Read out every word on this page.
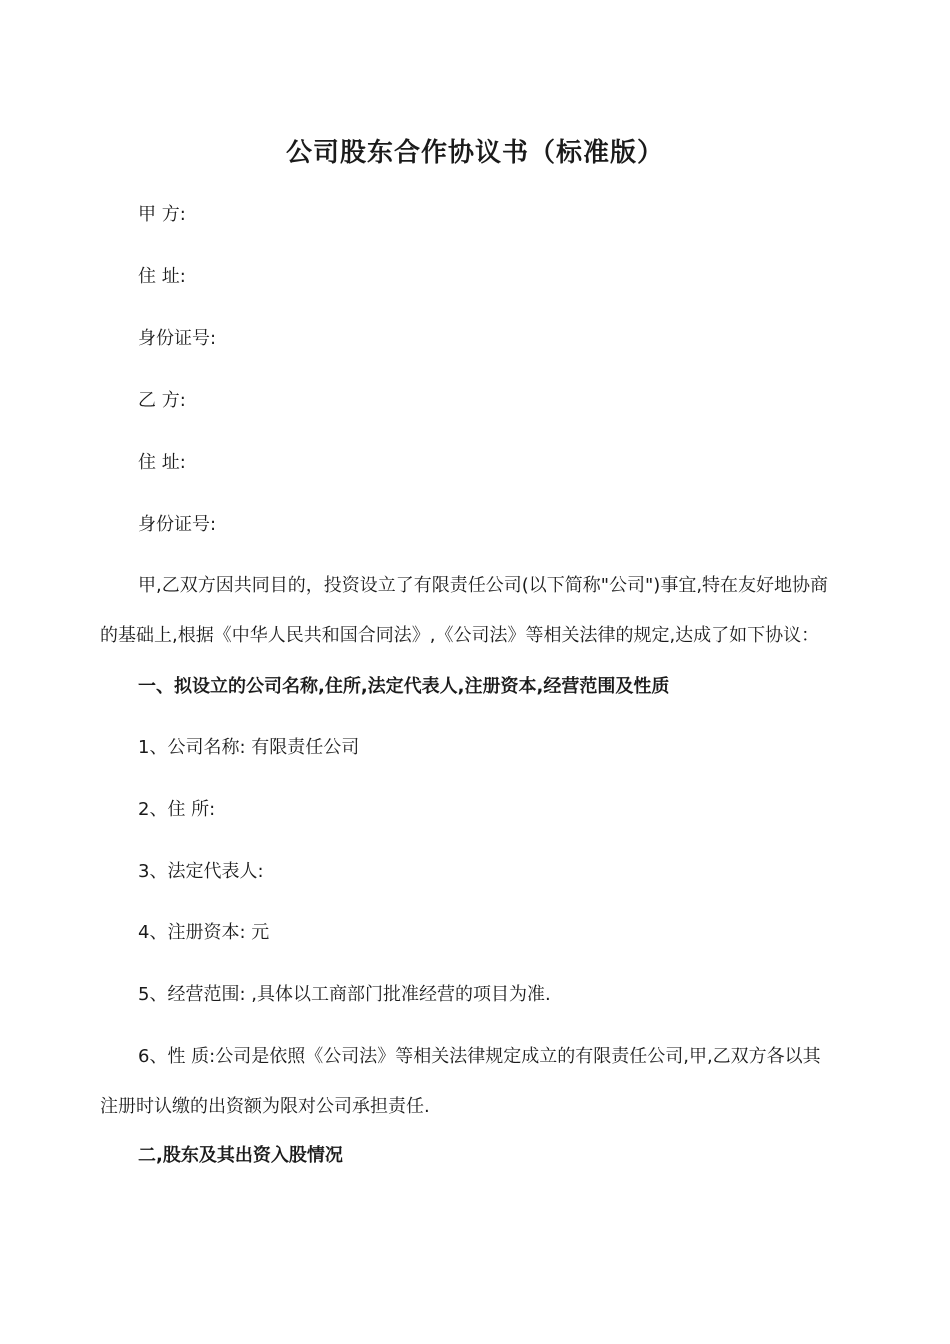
公司股东合作协议书（标准版）
甲 方:
住 址:
身份证号:
乙 方:
住 址:
身份证号:
甲,乙双方因共同目的，投资设立了有限责任公司(以下简称"公司")事宜,特在友好地协商
的基础上,根据《中华人民共和国合同法》,《公司法》等相关法律的规定,达成了如下协议：
一、拟设立的公司名称,住所,法定代表人,注册资本,经营范围及性质
1、公司名称: 有限责任公司
2、住 所:
3、法定代表人:
4、注册资本: 元
5、经营范围: ,具体以工商部门批准经营的项目为准.
6、性 质:公司是依照《公司法》等相关法律规定成立的有限责任公司,甲,乙双方各以其
注册时认缴的出资额为限对公司承担责任.
二,股东及其出资入股情况
